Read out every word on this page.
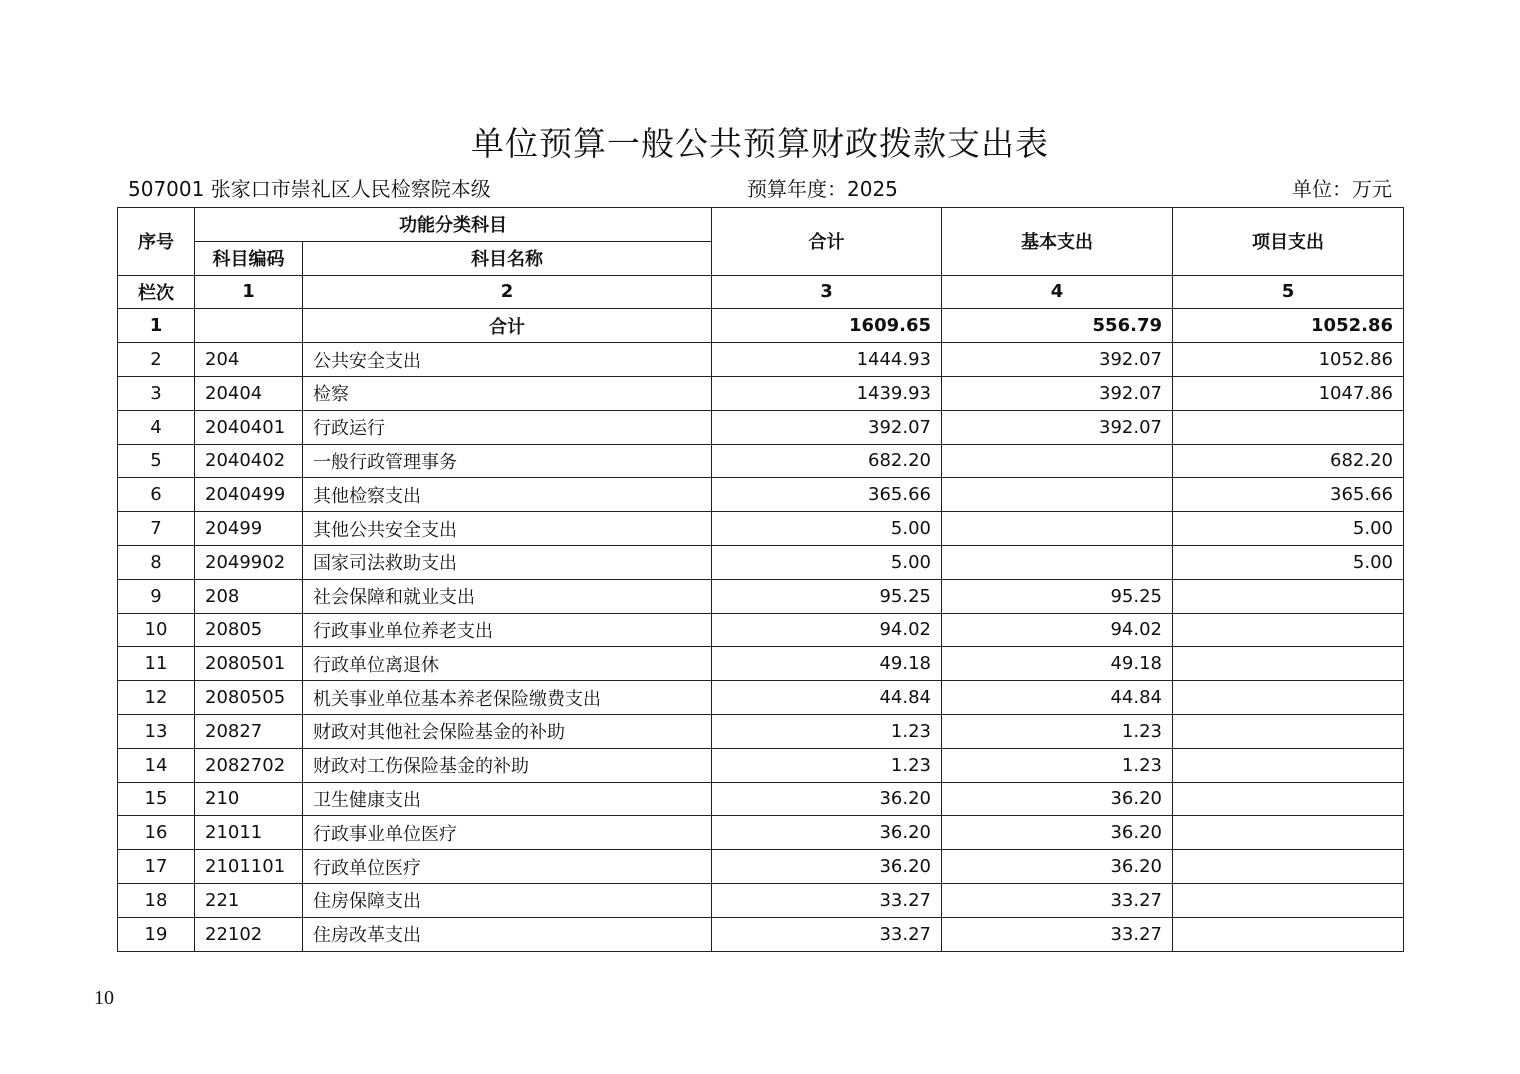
单位预算一般公共预算财政拨款支出表
507001 张家口市崇礼区人民检察院本级	预算年度：2025	单位：万元
序号	功能分类科目		合计	基本支出	项目支出
	科目编码	科目名称			
栏次	1	2	3	4	5
1		合计	1609.65	556.79	1052.86
2	204	公共安全支出	1444.93	392.07	1052.86
3	20404	检察	1439.93	392.07	1047.86
4	2040401	行政运行	392.07	392.07	
5	2040402	一般行政管理事务	682.20		682.20
6	2040499	其他检察支出	365.66		365.66
7	20499	其他公共安全支出	5.00		5.00
8	2049902	国家司法救助支出	5.00		5.00
9	208	社会保障和就业支出	95.25	95.25	
10	20805	行政事业单位养老支出	94.02	94.02	
11	2080501	行政单位离退休	49.18	49.18	
12	2080505	机关事业单位基本养老保险缴费支出	44.84	44.84	
13	20827	财政对其他社会保险基金的补助	1.23	1.23	
14	2082702	财政对工伤保险基金的补助	1.23	1.23	
15	210	卫生健康支出	36.20	36.20	
16	21011	行政事业单位医疗	36.20	36.20	
17	2101101	行政单位医疗	36.20	36.20	
18	221	住房保障支出	33.27	33.27	
19	22102	住房改革支出	33.27	33.27	
10
